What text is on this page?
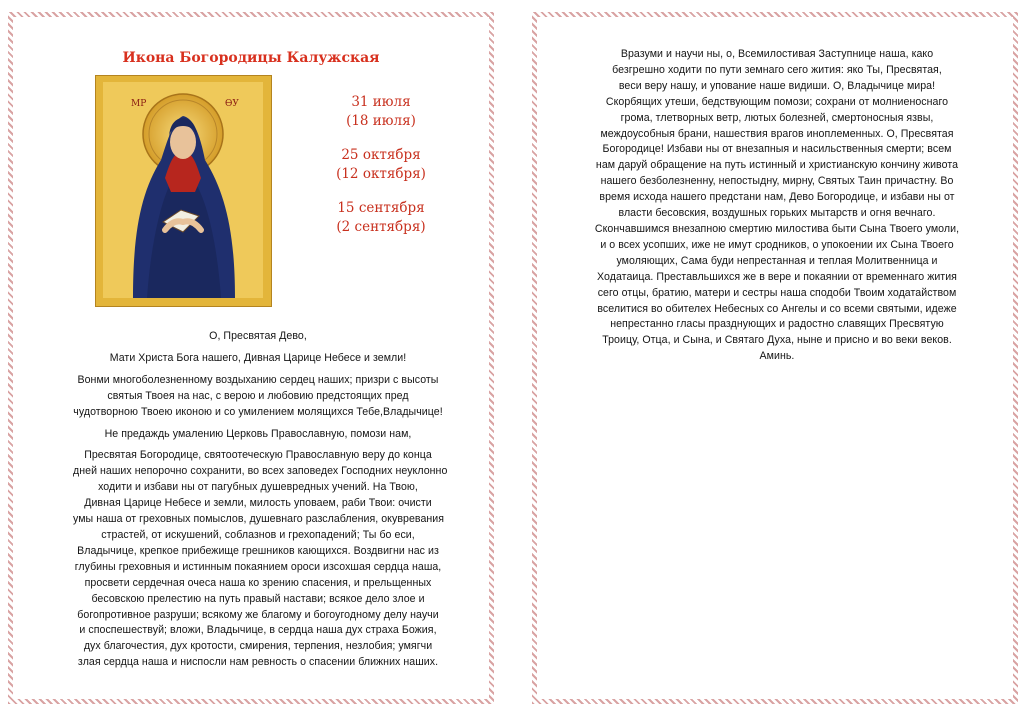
Икона Богородицы Калужская
МР	ѲУ	31 июля
(18 июля)
25 октября
(12 октября)
15 сентября
(2 сентября)

О, Пресвятая Дево,

Мати Христа Бога нашего, Дивная Царице Небесе и земли!

Вонми многоболезненному воздыханию сердец наших; призри с высоты
святыя Твоея на нас, с верою и любовию предстоящих пред
чудотворною Твоею иконою и со умилением молящихся Тебе,Владычице!

Не предаждь умалению Церковь Православную, помози нам,

Пресвятая Богородице, святоотеческую Православную веру до конца
дней наших непорочно сохранити, во всех заповедех Господних неуклонно
ходити и избави ны от пагубных душевредных учений. На Твою,
Дивная Царице Небесе и земли, милость уповаем, раби Твои: очисти
умы наша от греховных помыслов, душевнаго разслабления, окувревания
страстей, от искушений, соблазнов и грехопадений; Ты бо еси,
Владычице, крепкое прибежище грешников кающихся. Воздвигни нас из
глубины греховныя и истинным покаянием ороси изсохшая сердца наша,
просвети сердечная очеса наша ко зрению спасения, и прельщенных
бесовскою прелестию на путь правый настави; всякое дело злое и
богопротивное разруши; всякому же благому и богоугодному делу научи
и споспешествуй; вложи, Владычице, в сердца наша дух страха Божия,
дух благочестия, дух кротости, смирения, терпения, незлобия; умягчи
злая сердца наша и ниспосли нам ревность о спасении ближних наших.

Вразуми и научи ны, о, Всемилостивая Заступнице наша, како
безгрешно ходити по пути земнаго сего жития: яко Ты, Пресвятая,
веси веру нашу, и упование наше видиши. О, Владычице мира!
Скорбящих утеши, бедствующим помози; сохрани от молниеноснаго
грома, тлетворных ветр, лютых болезней, смертоносныя язвы,
междоусобныя брани, нашествия врагов иноплеменных. О, Пресвятая
Богородице! Избави ны от внезапныя и насильственныя смерти; всем
нам даруй обращение на путь истинный и христианскую кончину живота
нашего безболезненну, непостыдну, мирну, Святых Таин причастну. Во
время исхода нашего предстани нам, Дево Богородице, и избави ны от
власти бесовския, воздушных горьких мытарств и огня вечнаго.
Скончавшимся внезапною смертию милостива быти Сына Твоего умоли,
и о всех усопших, иже не имут сродников, о упокоении их Сына Твоего
умоляющих, Сама буди непрестанная и теплая Молитвенница и
Ходатаица. Преставльшихся же в вере и покаянии от временнаго жития
сего отцы, братию, матери и сестры наша сподоби Твоим ходатайством
вселитися во обителех Небесных со Ангелы и со всеми святыми, идеже
непрестанно гласы празднующих и радостно славящих Пресвятую
Троицу, Отца, и Сына, и Святаго Духа, ныне и присно и во веки веков.
Аминь.
